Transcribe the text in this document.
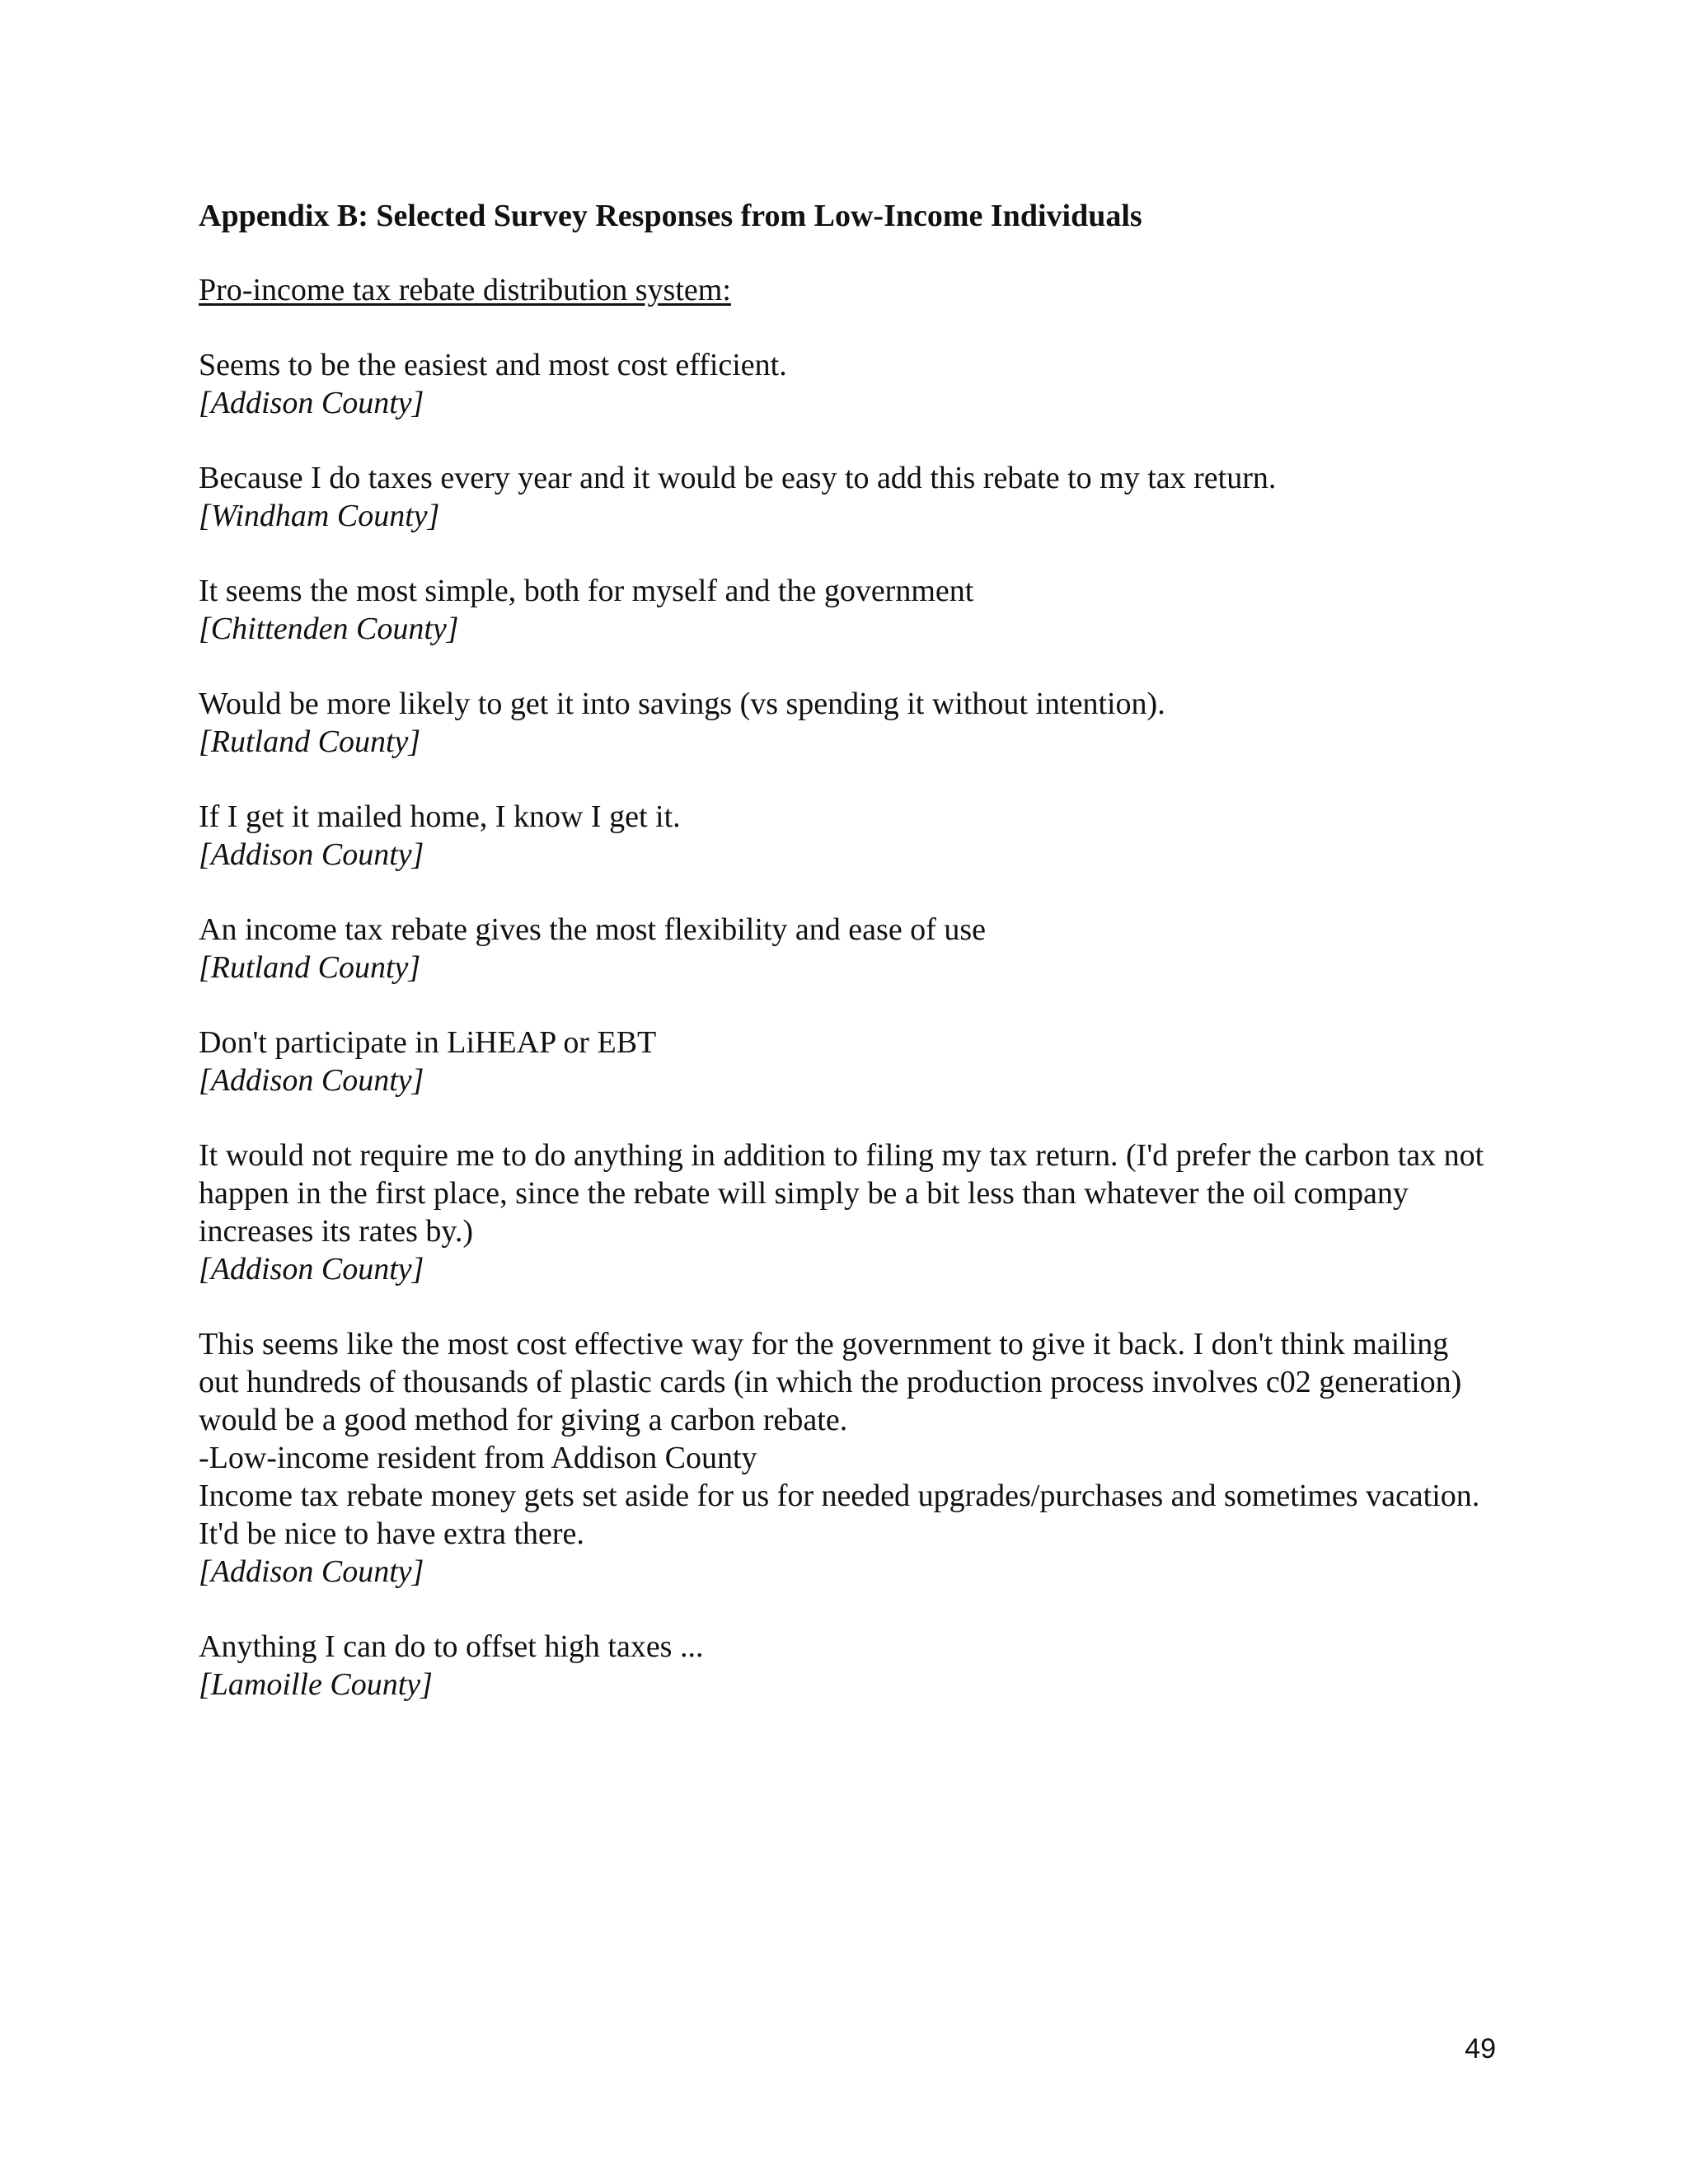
Appendix B: Selected Survey Responses from Low-Income Individuals
Pro-income tax rebate distribution system:

Seems to be the easiest and most cost efficient.

[Addison County]

Because I do taxes every year and it would be easy to add this rebate to my tax return.

[Windham County]

It seems the most simple, both for myself and the government

[Chittenden County]

Would be more likely to get it into savings (vs spending it without intention).

[Rutland County]

If I get it mailed home, I know I get it.

[Addison County]

An income tax rebate gives the most flexibility and ease of use

[Rutland County]

Don't participate in LiHEAP or EBT

[Addison County]

It would not require me to do anything in addition to filing my tax return. (I'd prefer the carbon tax not happen in the first place, since the rebate will simply be a bit less than whatever the oil company increases its rates by.)

[Addison County]

This seems like the most cost effective way for the government to give it back. I don't think mailing out hundreds of thousands of plastic cards (in which the production process involves c02 generation) would be a good method for giving a carbon rebate.

-Low-income resident from Addison County

Income tax rebate money gets set aside for us for needed upgrades/purchases and sometimes vacation. It'd be nice to have extra there.

[Addison County]

Anything I can do to offset high taxes ...

[Lamoille County]

49
